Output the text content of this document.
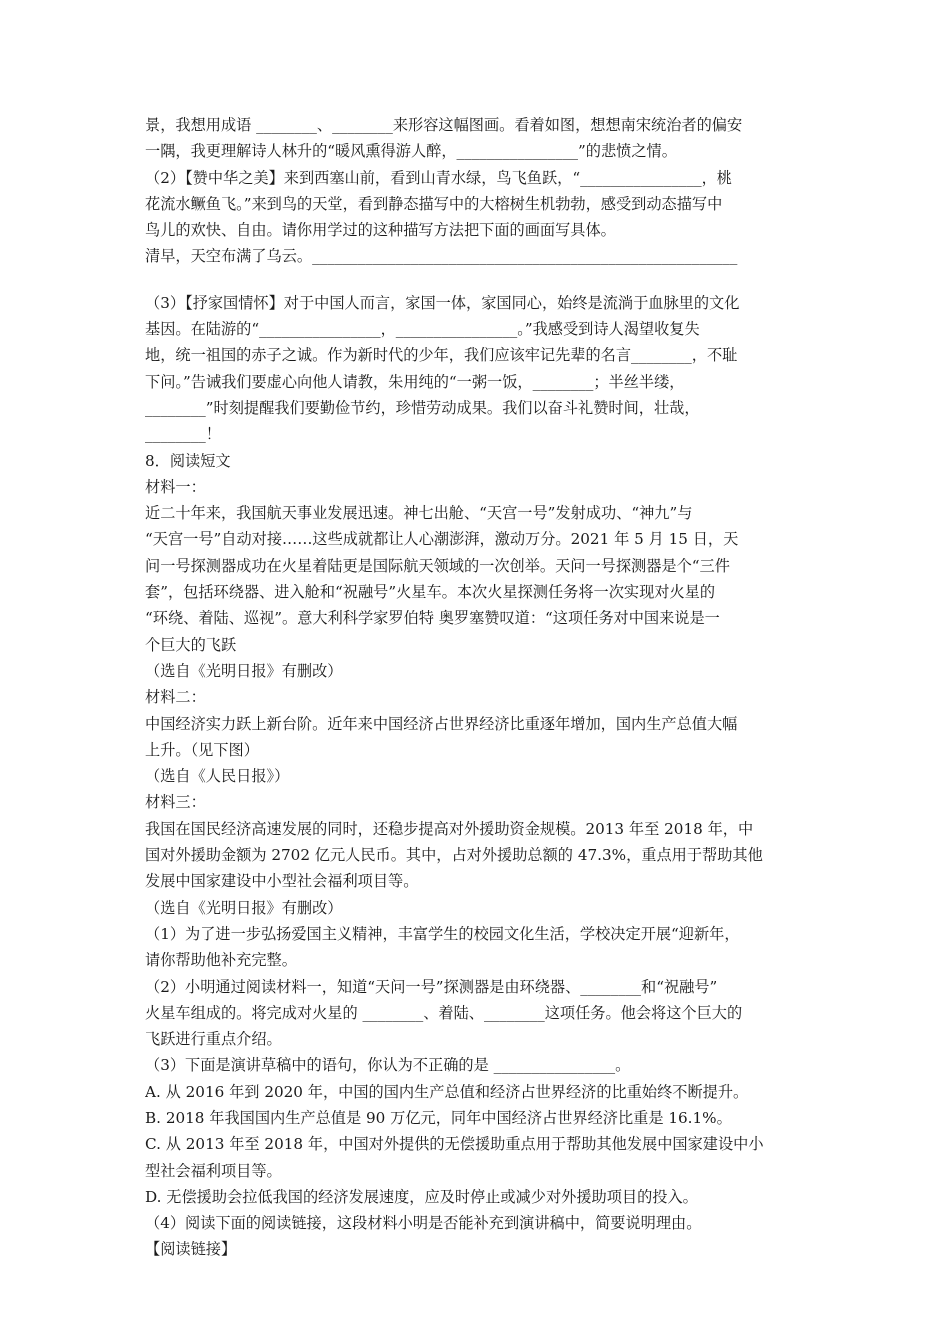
景，我想用成语 ________、________来形容这幅图画。看着如图，想想南宋统治者的偏安
一隅，我更理解诗人林升的“暖风熏得游人醉，________________”的悲愤之情。
（2）【赞中华之美】来到西塞山前，看到山青水绿，鸟飞鱼跃，“________________，桃
花流水鳜鱼飞。”来到鸟的天堂，看到静态描写中的大榕树生机勃勃，感受到动态描写中
鸟儿的欢快、自由。请你用学过的这种描写方法把下面的画面写具体。
清早，天空布满了乌云。________________________________________________________
（3）【抒家国情怀】对于中国人而言，家国一体，家国同心，始终是流淌于血脉里的文化
基因。在陆游的“________________，________________。”我感受到诗人渴望收复失
地，统一祖国的赤子之诚。作为新时代的少年，我们应该牢记先辈的名言________，不耻
下问。”告诫我们要虚心向他人请教，朱用纯的“一粥一饭，________；半丝半缕，
________”时刻提醒我们要勤俭节约，珍惜劳动成果。我们以奋斗礼赞时间，壮哉，
________！
8．阅读短文
材料一：
近二十年来，我国航天事业发展迅速。神七出舱、“天宫一号”发射成功、“神九”与
“天宫一号”自动对接……这些成就都让人心潮澎湃，激动万分。2021 年 5 月 15 日，天
问一号探测器成功在火星着陆更是国际航天领域的一次创举。天问一号探测器是个“三件
套”，包括环绕器、进入舱和“祝融号”火星车。本次火星探测任务将一次实现对火星的
“环绕、着陆、巡视”。意大利科学家罗伯特 奥罗塞赞叹道：“这项任务对中国来说是一
个巨大的飞跃
（选自《光明日报》有删改）
材料二：
中国经济实力跃上新台阶。近年来中国经济占世界经济比重逐年增加，国内生产总值大幅
上升。（见下图）
（选自《人民日报》）
材料三：
我国在国民经济高速发展的同时，还稳步提高对外援助资金规模。2013 年至 2018 年，中
国对外援助金额为 2702 亿元人民币。其中，占对外援助总额的 47.3%，重点用于帮助其他
发展中国家建设中小型社会福利项目等。
（选自《光明日报》有删改）
（1）为了进一步弘扬爱国主义精神，丰富学生的校园文化生活，学校决定开展“迎新年，
请你帮助他补充完整。
（2）小明通过阅读材料一，知道“天问一号”探测器是由环绕器、________和“祝融号”
火星车组成的。将完成对火星的 ________、着陆、________这项任务。他会将这个巨大的
飞跃进行重点介绍。
（3）下面是演讲草稿中的语句，你认为不正确的是 ________________。
A. 从 2016 年到 2020 年，中国的国内生产总值和经济占世界经济的比重始终不断提升。
B. 2018 年我国国内生产总值是 90 万亿元，同年中国经济占世界经济比重是 16.1%。
C. 从 2013 年至 2018 年，中国对外提供的无偿援助重点用于帮助其他发展中国家建设中小
型社会福利项目等。
D. 无偿援助会拉低我国的经济发展速度，应及时停止或减少对外援助项目的投入。
（4）阅读下面的阅读链接，这段材料小明是否能补充到演讲稿中，简要说明理由。
【阅读链接】
